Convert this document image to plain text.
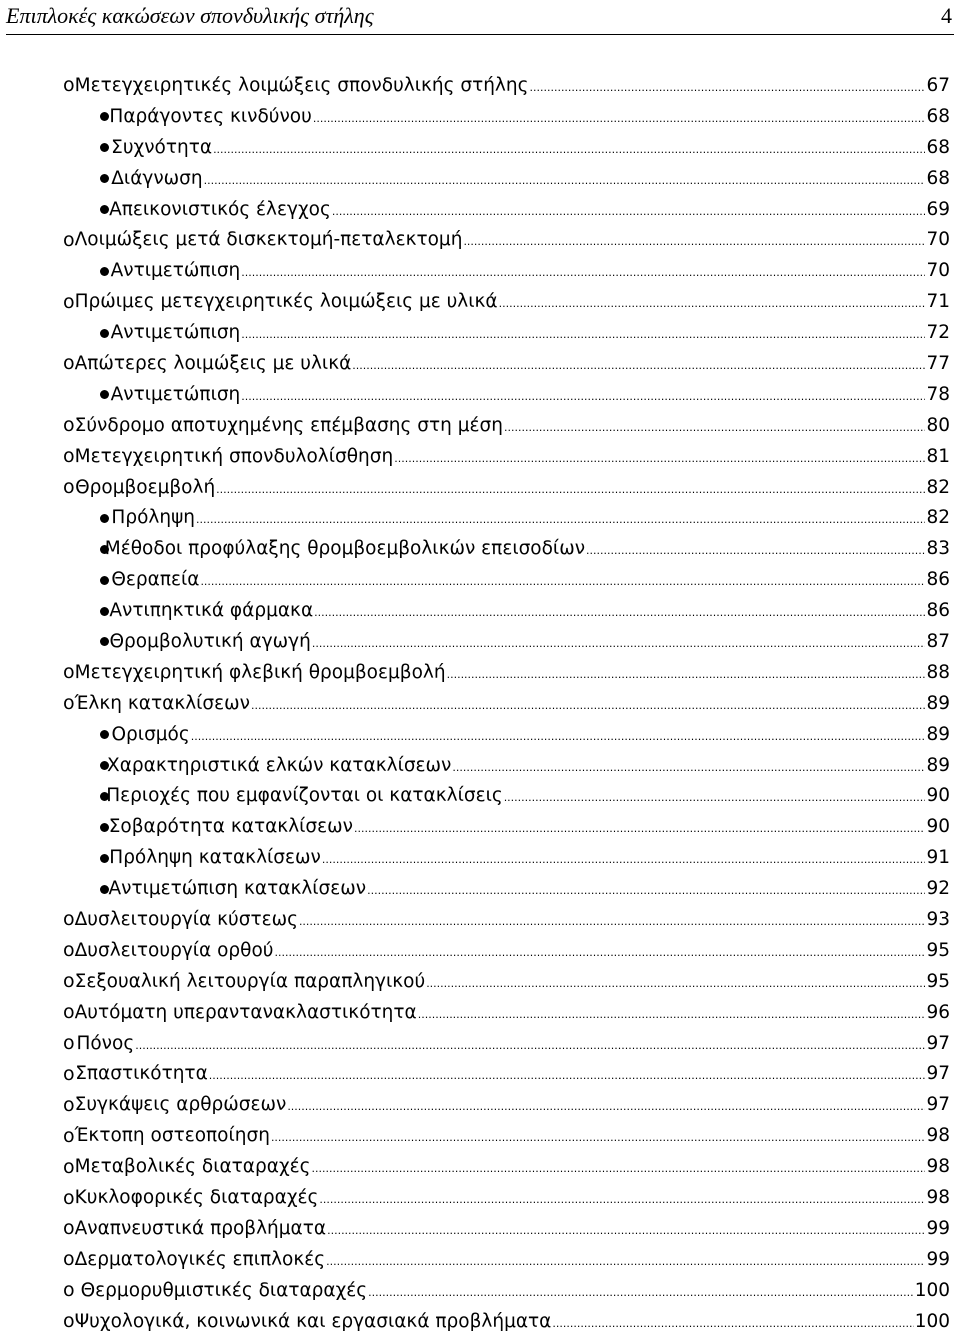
Επιπλοκές κακώσεων σπονδυλικής στήλης	4
o Μετεγχειρητικές λοιμώξεις σπονδυλικής στήλης .....	67
Παράγοντες κινδύνου .....	68
Συχνότητα .....	68
Διάγνωση .....	68
Απεικονιστικός έλεγχος .....	69
o Λοιμώξεις μετά δισκεκτομή-πεταλεκτομή .....	70
Αντιμετώπιση .....	70
o Πρώιμες μετεγχειρητικές λοιμώξεις με υλικά .....	71
Αντιμετώπιση .....	72
o Απώτερες λοιμώξεις με υλικά .....	77
Αντιμετώπιση .....	78
o Σύνδρομο αποτυχημένης επέμβασης στη μέση .....	80
o Μετεγχειρητική σπονδυλολίσθηση .....	81
o Θρομβοεμβολή .....	82
Πρόληψη .....	82
Μέθοδοι προφύλαξης θρομβοεμβολικών επεισοδίων .....	83
Θεραπεία .....	86
Αντιπηκτικά φάρμακα .....	86
Θρομβολυτική αγωγή .....	87
o Μετεγχειρητική φλεβική θρομβοεμβολή .....	88
o Έλκη κατακλίσεων .....	89
Ορισμός .....	89
Χαρακτηριστικά ελκών κατακλίσεων .....	89
Περιοχές που εμφανίζονται οι κατακλίσεις .....	90
Σοβαρότητα κατακλίσεων .....	90
Πρόληψη κατακλίσεων .....	91
Αντιμετώπιση κατακλίσεων .....	92
o Δυσλειτουργία κύστεως .....	93
o Δυσλειτουργία ορθού .....	95
o Σεξουαλική λειτουργία παραπληγικού .....	95
o Αυτόματη υπεραντανακλαστικότητα .....	96
o Πόνος .....	97
o Σπαστικότητα .....	97
o Συγκάψεις αρθρώσεων .....	97
o Έκτοπη οστεοποίηση .....	98
o Μεταβολικές διαταραχές .....	98
o Κυκλοφορικές διαταραχές .....	98
o Αναπνευστικά προβλήματα .....	99
o Δερματολογικές επιπλοκές .....	99
o Θερμορυθμιστικές διαταραχές .....	100
o Ψυχολογικά, κοινωνικά και εργασιακά προβλήματα .....	100
